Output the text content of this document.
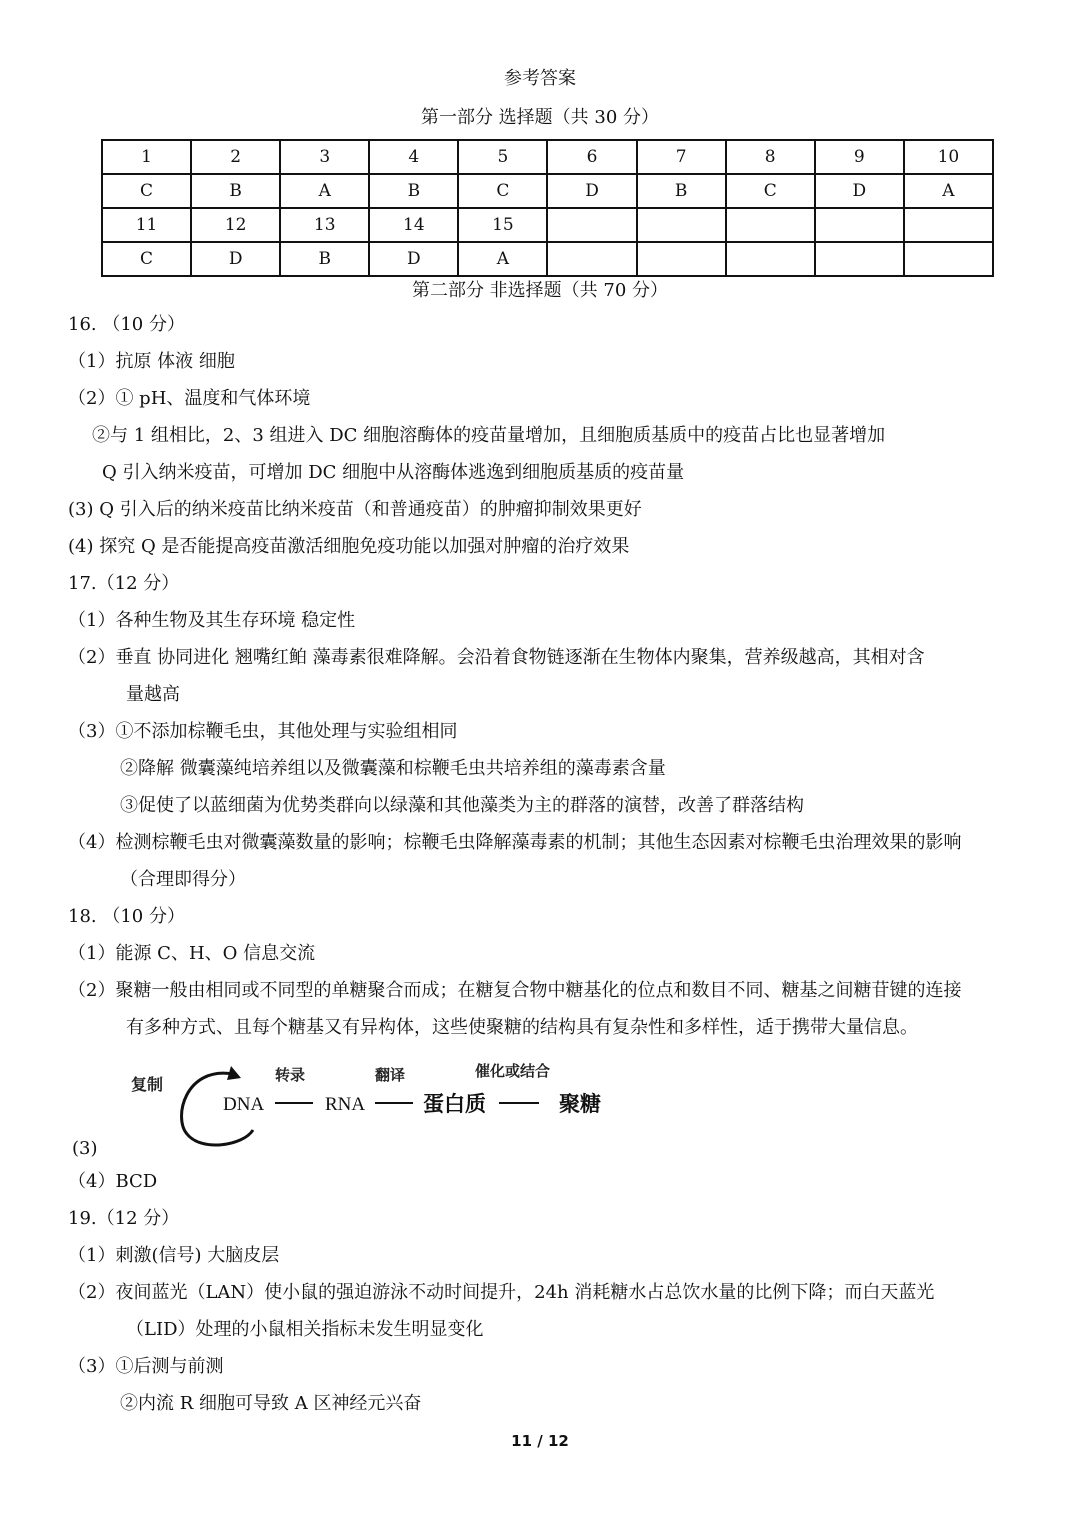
参考答案
第一部分 选择题（共 30 分）
1	2	3	4	5	6	7	8	9	10
C	B	A	B	C	D	B	C	D	A
11	12	13	14	15					
C	D	B	D	A					
第二部分 非选择题（共 70 分）
16. （10 分）
（1）抗原 体液 细胞
（2）① pH、温度和气体环境
②与 1 组相比，2、3 组进入 DC 细胞溶酶体的疫苗量增加，且细胞质基质中的疫苗占比也显著增加
Q 引入纳米疫苗，可增加 DC 细胞中从溶酶体逃逸到细胞质基质的疫苗量
(3) Q 引入后的纳米疫苗比纳米疫苗（和普通疫苗）的肿瘤抑制效果更好
(4) 探究 Q 是否能提高疫苗激活细胞免疫功能以加强对肿瘤的治疗效果
17.（12 分）
（1）各种生物及其生存环境 稳定性
（2）垂直 协同进化 翘嘴红鲌 藻毒素很难降解。会沿着食物链逐渐在生物体内聚集，营养级越高，其相对含
量越高
（3）①不添加棕鞭毛虫，其他处理与实验组相同
②降解 微囊藻纯培养组以及微囊藻和棕鞭毛虫共培养组的藻毒素含量
③促使了以蓝细菌为优势类群向以绿藻和其他藻类为主的群落的演替，改善了群落结构
（4）检测棕鞭毛虫对微囊藻数量的影响；棕鞭毛虫降解藻毒素的机制；其他生态因素对棕鞭毛虫治理效果的影响
（合理即得分）
18. （10 分）
（1）能源 C、H、O 信息交流
（2）聚糖一般由相同或不同型的单糖聚合而成；在糖复合物中糖基化的位点和数目不同、糖基之间糖苷键的连接
有多种方式、且每个糖基又有异构体，这些使聚糖的结构具有复杂性和多样性，适于携带大量信息。
复制	转录	翻译	催化或结合
DNA	RNA	蛋白质	聚糖
(3)
（4）BCD
19.（12 分）
（1）刺激(信号) 大脑皮层
（2）夜间蓝光（LAN）使小鼠的强迫游泳不动时间提升，24h 消耗糖水占总饮水量的比例下降；而白天蓝光
（LID）处理的小鼠相关指标未发生明显变化
（3）①后测与前测
②内流 R 细胞可导致 A 区神经元兴奋
11 / 12
